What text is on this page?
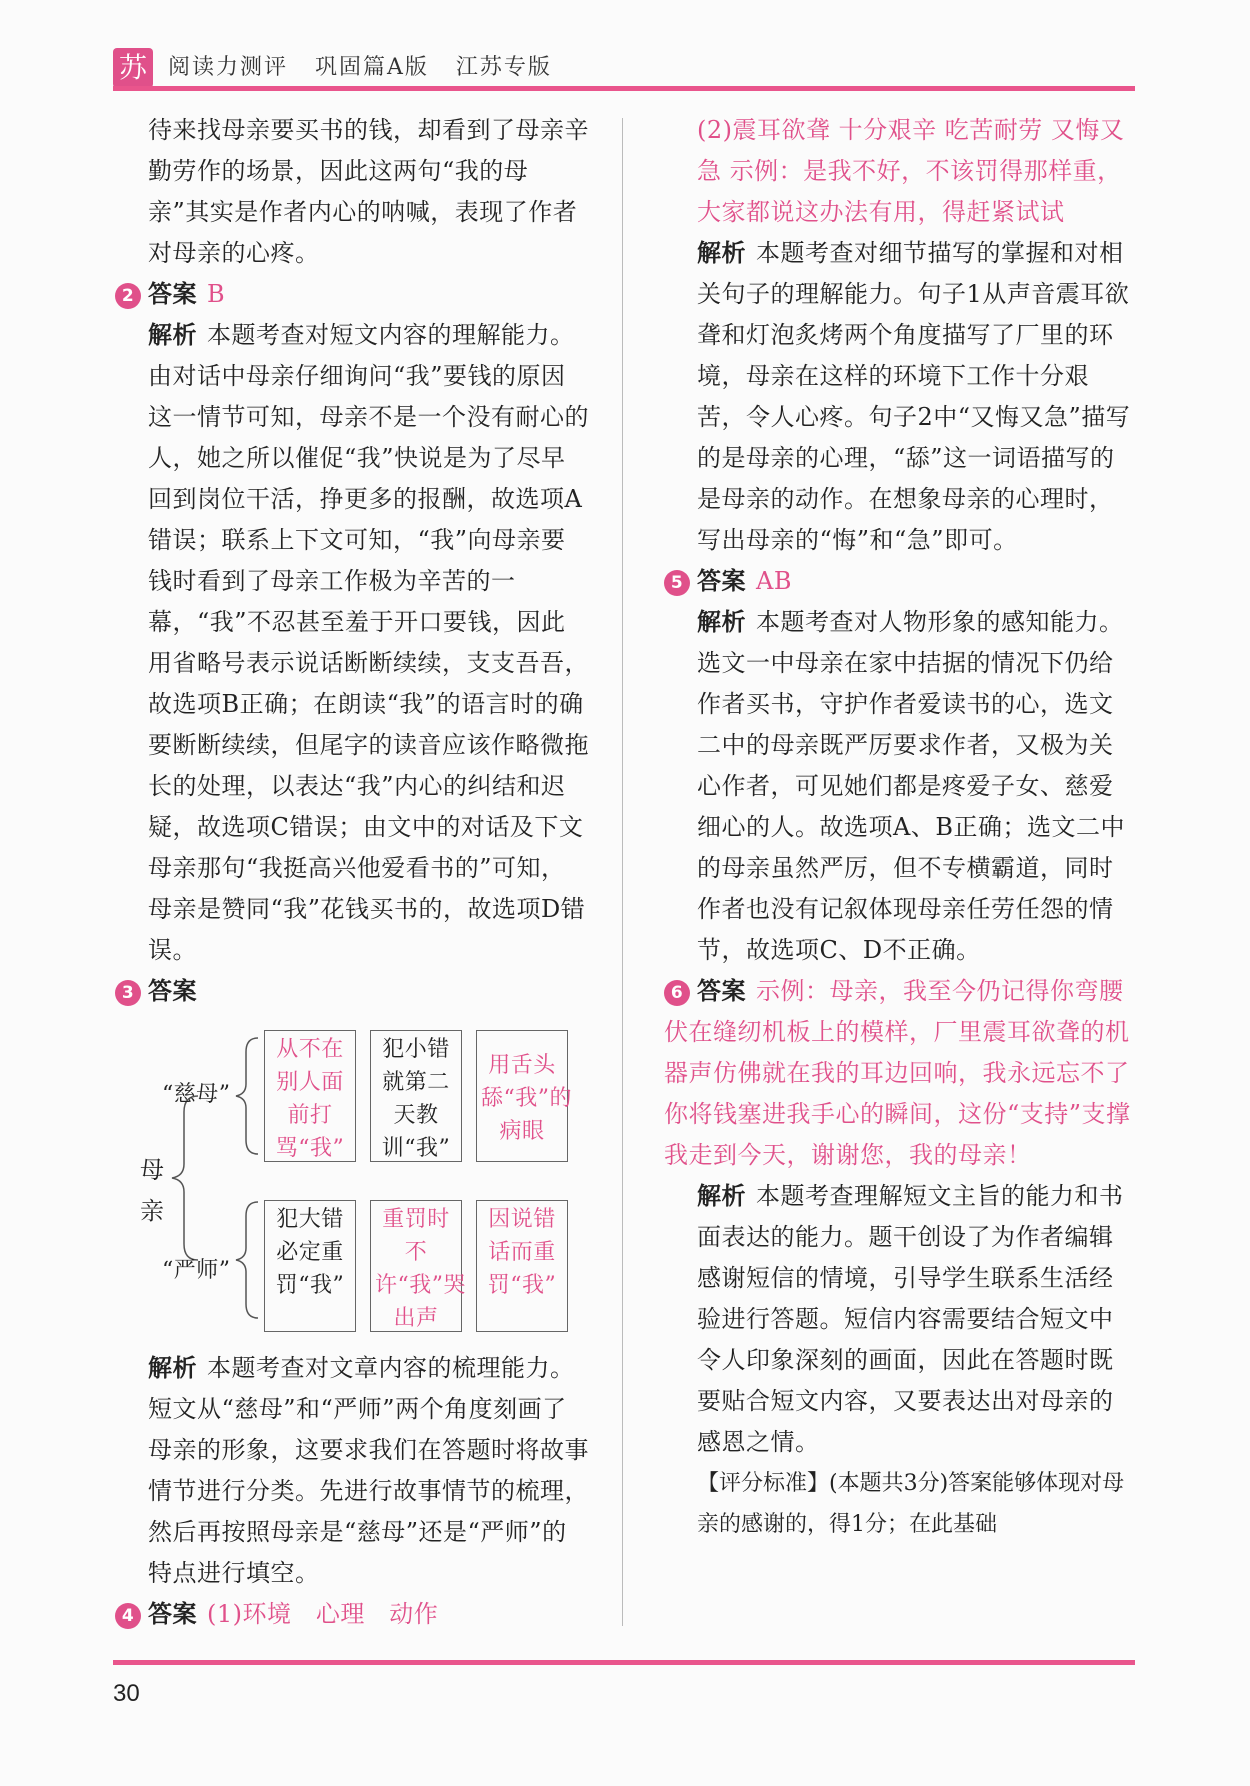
苏 阅读力测评   巩固篇A版   江苏专版

待来找母亲要买书的钱，却看到了母亲辛勤劳作的场景，因此这两句“我的母亲”其实是作者内心的呐喊，表现了作者对母亲的心疼。

2 答案 B

解析 本题考查对短文内容的理解能力。由对话中母亲仔细询问“我”要钱的原因这一情节可知，母亲不是一个没有耐心的人，她之所以催促“我”快说是为了尽早回到岗位干活，挣更多的报酬，故选项A错误；联系上下文可知，“我”向母亲要钱时看到了母亲工作极为辛苦的一幕，“我”不忍甚至羞于开口要钱，因此用省略号表示说话断断续续，支支吾吾，故选项B正确；在朗读“我”的语言时的确要断断续续，但尾字的读音应该作略微拖长的处理，以表达“我”内心的纠结和迟疑，故选项C错误；由文中的对话及下文母亲那句“我挺高兴他爱看书的”可知，母亲是赞同“我”花钱买书的，故选项D错误。

3 答案
母亲
“慈母”
“严师”
从不在别人面前打骂“我”
犯小错就第二天教训“我”
用舌头舔“我”的病眼
犯大错必定重罚“我”
重罚时不许“我”哭出声
因说错话而重罚“我”

解析 本题考查对文章内容的梳理能力。短文从“慈母”和“严师”两个角度刻画了母亲的形象，这要求我们在答题时将故事情节进行分类。先进行故事情节的梳理，然后再按照母亲是“慈母”还是“严师”的特点进行填空。

4 答案 (1)环境   心理   动作

(2)震耳欲聋 十分艰辛 吃苦耐劳 又悔又急 示例：是我不好，不该罚得那样重，大家都说这办法有用，得赶紧试试

解析 本题考查对细节描写的掌握和对相关句子的理解能力。句子1从声音震耳欲聋和灯泡炙烤两个角度描写了厂里的环境，母亲在这样的环境下工作十分艰苦，令人心疼。句子2中“又悔又急”描写的是母亲的心理，“舔”这一词语描写的是母亲的动作。在想象母亲的心理时，写出母亲的“悔”和“急”即可。

5 答案 AB

解析 本题考查对人物形象的感知能力。选文一中母亲在家中拮据的情况下仍给作者买书，守护作者爱读书的心，选文二中的母亲既严厉要求作者，又极为关心作者，可见她们都是疼爱子女、慈爱细心的人。故选项A、B正确；选文二中的母亲虽然严厉，但不专横霸道，同时作者也没有记叙体现母亲任劳任怨的情节，故选项C、D不正确。

6 答案 示例：母亲，我至今仍记得你弯腰伏在缝纫机板上的模样，厂里震耳欲聋的机器声仿佛就在我的耳边回响，我永远忘不了你将钱塞进我手心的瞬间，这份“支持”支撑我走到今天，谢谢您，我的母亲！

解析 本题考查理解短文主旨的能力和书面表达的能力。题干创设了为作者编辑感谢短信的情境，引导学生联系生活经验进行答题。短信内容需要结合短文中令人印象深刻的画面，因此在答题时既要贴合短文内容，又要表达出对母亲的感恩之情。

【评分标准】(本题共3分)答案能够体现对母亲的感谢的，得1分；在此基础

30
